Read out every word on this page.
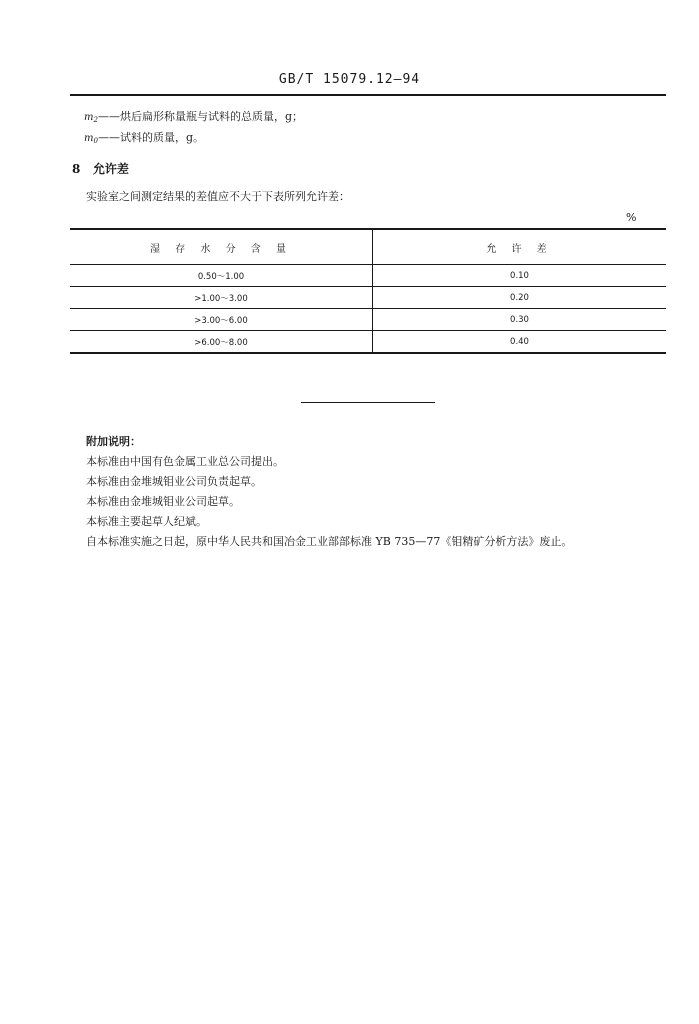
GB/T 15079.12—94
$m_2——$烘后扁形称量瓶与试料的总质量，g；
$m_0——$试料的质量，g。
8 允许差
实验室之间测定结果的差值应不大于下表所列允许差：
%
湿 存 水 分 含 量	允 许 差
0.50～1.00	0.10
>1.00～3.00	0.20
>3.00～6.00	0.30
>6.00～8.00	0.40
附加说明：
本标准由中国有色金属工业总公司提出。
本标准由金堆城钼业公司负责起草。
本标准由金堆城钼业公司起草。
本标准主要起草人纪斌。
自本标准实施之日起，原中华人民共和国冶金工业部部标准 YB 735—77《钼精矿分析方法》废止。
